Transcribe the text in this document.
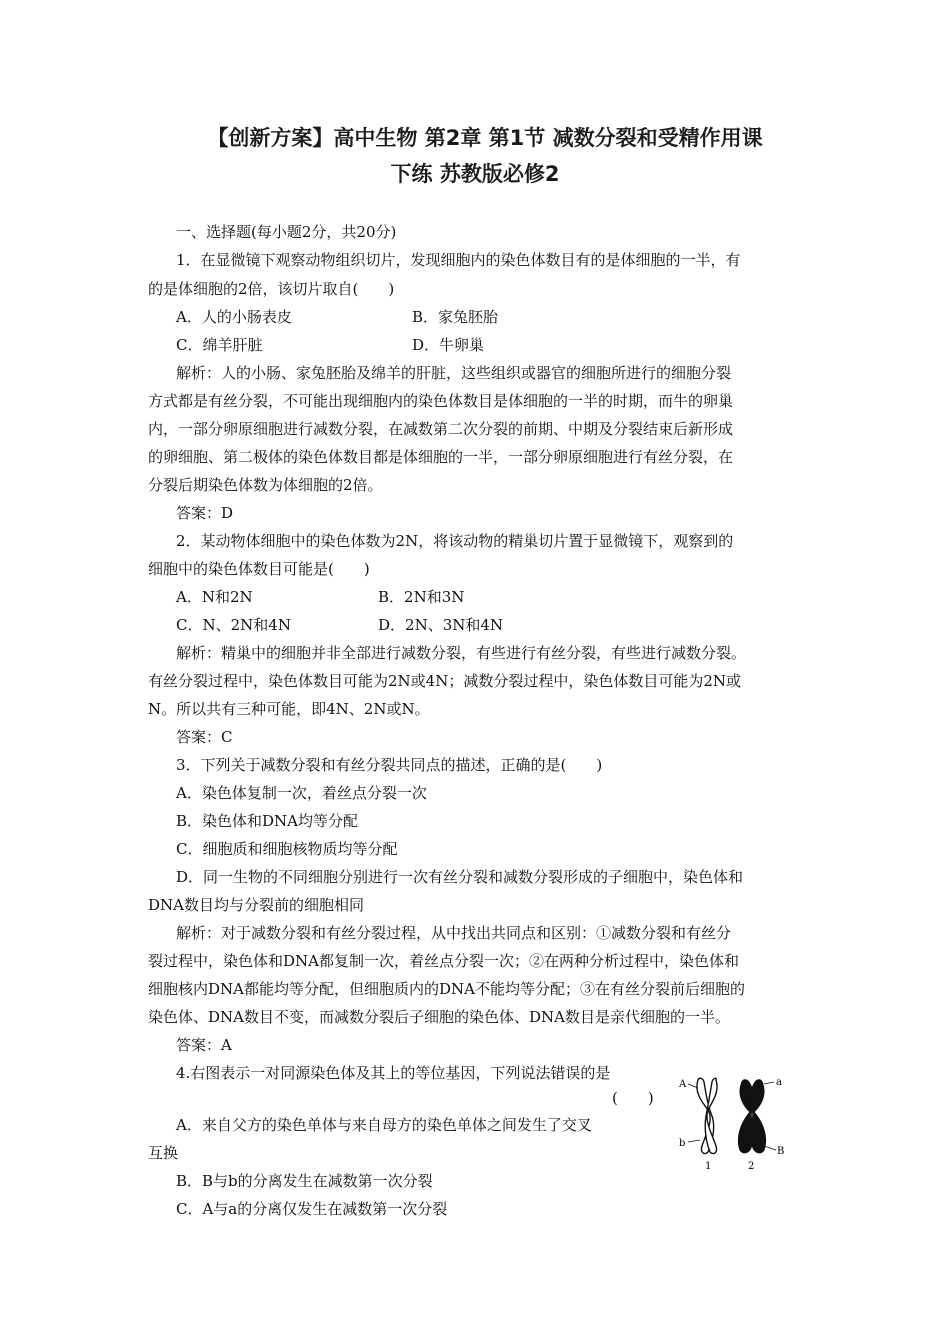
【创新方案】高中生物 第2章 第1节 减数分裂和受精作用课
下练 苏教版必修2
一、选择题(每小题2分，共20分)
1．在显微镜下观察动物组织切片，发现细胞内的染色体数目有的是体细胞的一半，有
的是体细胞的2倍，该切片取自(　　)
A．人的小肠表皮	B．家兔胚胎
C．绵羊肝脏	D．牛卵巢
解析：人的小肠、家兔胚胎及绵羊的肝脏，这些组织或器官的细胞所进行的细胞分裂
方式都是有丝分裂，不可能出现细胞内的染色体数目是体细胞的一半的时期，而牛的卵巢
内，一部分卵原细胞进行减数分裂，在减数第二次分裂的前期、中期及分裂结束后新形成
的卵细胞、第二极体的染色体数目都是体细胞的一半，一部分卵原细胞进行有丝分裂，在
分裂后期染色体数为体细胞的2倍。
答案：D
2．某动物体细胞中的染色体数为2N，将该动物的精巢切片置于显微镜下，观察到的
细胞中的染色体数目可能是(　　)
A．N和2N	B．2N和3N
C．N、2N和4N	D．2N、3N和4N
解析：精巢中的细胞并非全部进行减数分裂，有些进行有丝分裂，有些进行减数分裂。
有丝分裂过程中，染色体数目可能为2N或4N；减数分裂过程中，染色体数目可能为2N或
N。所以共有三种可能，即4N、2N或N。
答案：C
3．下列关于减数分裂和有丝分裂共同点的描述，正确的是(　　)
A．染色体复制一次，着丝点分裂一次
B．染色体和DNA均等分配
C．细胞质和细胞核物质均等分配
D．同一生物的不同细胞分别进行一次有丝分裂和减数分裂形成的子细胞中，染色体和
DNA数目均与分裂前的细胞相同
解析：对于减数分裂和有丝分裂过程，从中找出共同点和区别：①减数分裂和有丝分
裂过程中，染色体和DNA都复制一次，着丝点分裂一次；②在两种分析过程中，染色体和
细胞核内DNA都能均等分配，但细胞质内的DNA不能均等分配；③在有丝分裂前后细胞的
染色体、DNA数目不变，而减数分裂后子细胞的染色体、DNA数目是亲代细胞的一半。
答案：A
4.右图表示一对同源染色体及其上的等位基因，下列说法错误的是
(　　)
A．来自父方的染色单体与来自母方的染色单体之间发生了交叉
互换
B．B与b的分离发生在减数第一次分裂
C．A与a的分离仅发生在减数第一次分裂
A
b
a
B
1	2
